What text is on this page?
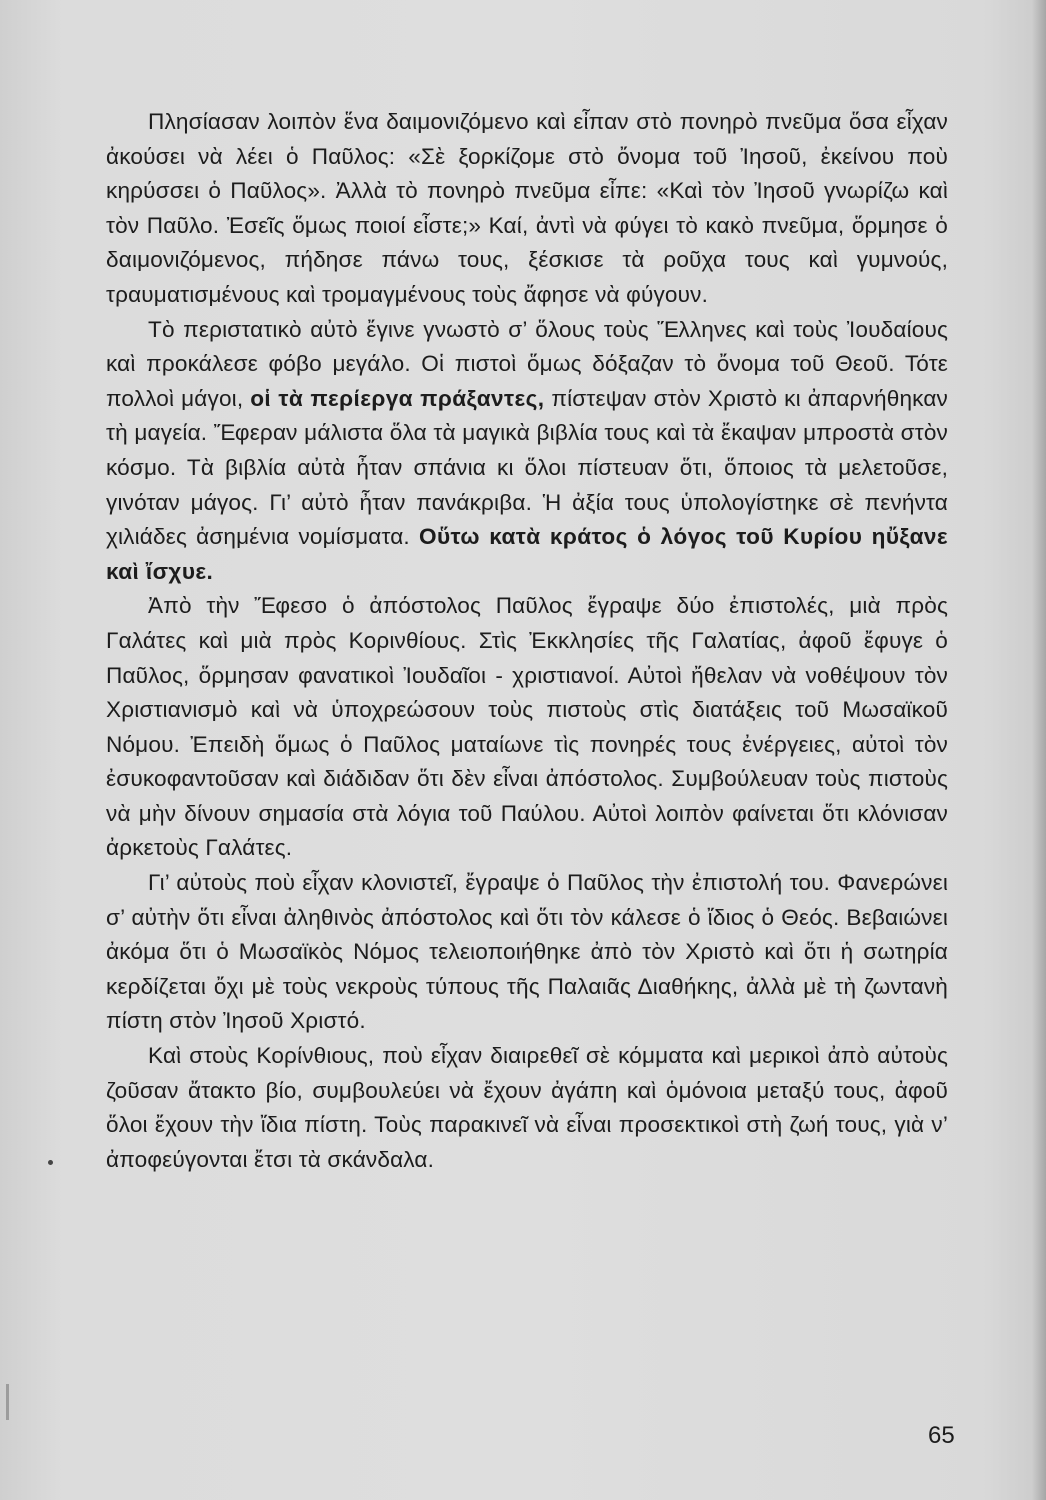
Πλησίασαν λοιπὸν ἕνα δαιμονιζόμενο καὶ εἶπαν στὸ πονηρὸ πνεῦμα ὅσα εἶχαν ἀκούσει νὰ λέει ὁ Παῦλος: «Σὲ ξορκίζομε στὸ ὄνομα τοῦ Ἰησοῦ, ἐκείνου ποὺ κηρύσσει ὁ Παῦλος». Ἀλλὰ τὸ πονηρὸ πνεῦμα εἶπε: «Καὶ τὸν Ἰησοῦ γνωρίζω καὶ τὸν Παῦλο. Ἐσεῖς ὅμως ποιοί εἶστε;» Καί, ἀντὶ νὰ φύγει τὸ κακὸ πνεῦμα, ὅρμησε ὁ δαιμονιζόμενος, πήδησε πάνω τους, ξέσκισε τὰ ροῦχα τους καὶ γυμνούς, τραυματισμένους καὶ τρομαγμένους τοὺς ἄφησε νὰ φύγουν.

Τὸ περιστατικὸ αὐτὸ ἔγινε γνωστὸ σ’ ὅλους τοὺς Ἕλληνες καὶ τοὺς Ἰουδαίους καὶ προκάλεσε φόβο μεγάλο. Οἱ πιστοὶ ὅμως δόξαζαν τὸ ὄνομα τοῦ Θεοῦ. Τότε πολλοὶ μάγοι, οἱ τὰ περίεργα πράξαντες, πίστεψαν στὸν Χριστὸ κι ἀπαρνήθηκαν τὴ μαγεία. Ἔφεραν μάλιστα ὅλα τὰ μαγικὰ βιβλία τους καὶ τὰ ἔκαψαν μπροστὰ στὸν κόσμο. Τὰ βιβλία αὐτὰ ἦταν σπάνια κι ὅλοι πίστευαν ὅτι, ὅποιος τὰ μελετοῦσε, γινόταν μάγος. Γι’ αὐτὸ ἦταν πανάκριβα. Ἡ ἀξία τους ὑπολογίστηκε σὲ πενήντα χιλιάδες ἀσημένια νομίσματα. Οὕτω κατὰ κράτος ὁ λόγος τοῦ Κυρίου ηὔξανε καὶ ἴσχυε.

Ἀπὸ τὴν Ἔφεσο ὁ ἀπόστολος Παῦλος ἔγραψε δύο ἐπιστολές, μιὰ πρὸς Γαλάτες καὶ μιὰ πρὸς Κορινθίους. Στὶς Ἐκκλησίες τῆς Γαλατίας, ἀφοῦ ἔφυγε ὁ Παῦλος, ὅρμησαν φανατικοὶ Ἰουδαῖοι - χριστιανοί. Αὐτοὶ ἤθελαν νὰ νοθέψουν τὸν Χριστιανισμὸ καὶ νὰ ὑποχρεώσουν τοὺς πιστοὺς στὶς διατάξεις τοῦ Μωσαϊκοῦ Νόμου. Ἐπειδὴ ὅμως ὁ Παῦλος ματαίωνε τὶς πονηρές τους ἐνέργειες, αὐτοὶ τὸν ἐσυκοφαντοῦσαν καὶ διάδιδαν ὅτι δὲν εἶναι ἀπόστολος. Συμβούλευαν τοὺς πιστοὺς νὰ μὴν δίνουν σημασία στὰ λόγια τοῦ Παύλου. Αὐτοὶ λοιπὸν φαίνεται ὅτι κλόνισαν ἀρκετοὺς Γαλάτες.

Γι’ αὐτοὺς ποὺ εἶχαν κλονιστεῖ, ἔγραψε ὁ Παῦλος τὴν ἐπιστολή του. Φανερώνει σ’ αὐτὴν ὅτι εἶναι ἀληθινὸς ἀπόστολος καὶ ὅτι τὸν κάλεσε ὁ ἴδιος ὁ Θεός. Βεβαιώνει ἀκόμα ὅτι ὁ Μωσαϊκὸς Νόμος τελειοποιήθηκε ἀπὸ τὸν Χριστὸ καὶ ὅτι ἡ σωτηρία κερδίζεται ὄχι μὲ τοὺς νεκροὺς τύπους τῆς Παλαιᾶς Διαθήκης, ἀλλὰ μὲ τὴ ζωντανὴ πίστη στὸν Ἰησοῦ Χριστό.

Καὶ στοὺς Κορίνθιους, ποὺ εἶχαν διαιρεθεῖ σὲ κόμματα καὶ μερικοὶ ἀπὸ αὐτοὺς ζοῦσαν ἄτακτο βίο, συμβουλεύει νὰ ἔχουν ἀγάπη καὶ ὁμόνοια μεταξύ τους, ἀφοῦ ὅλοι ἔχουν τὴν ἴδια πίστη. Τοὺς παρακινεῖ νὰ εἶναι προσεκτικοὶ στὴ ζωή τους, γιὰ ν’ ἀποφεύγονται ἔτσι τὰ σκάνδαλα.

65
